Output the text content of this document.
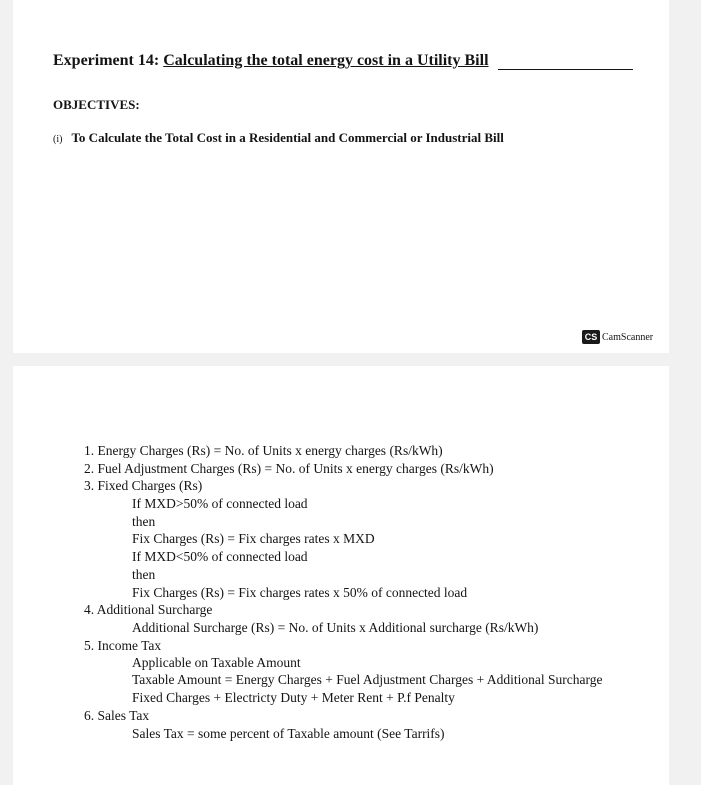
Experiment 14: Calculating the total energy cost in a Utility Bill
OBJECTIVES:
(i) To Calculate the Total Cost in a Residential and Commercial or Industrial Bill
CS CamScanner
1. Energy Charges (Rs) = No. of Units x energy charges (Rs/kWh)
2. Fuel Adjustment Charges (Rs) = No. of Units x energy charges (Rs/kWh)
3. Fixed Charges (Rs)
If MXD>50% of connected load
then
Fix Charges (Rs) = Fix charges rates x MXD
If MXD<50% of connected load
then
Fix Charges (Rs) = Fix charges rates x 50% of connected load
4. Additional Surcharge
Additional Surcharge (Rs) = No. of Units x Additional surcharge (Rs/kWh)
5. Income Tax
Applicable on Taxable Amount
Taxable Amount = Energy Charges + Fuel Adjustment Charges + Additional Surcharge
Fixed Charges + Electricty Duty + Meter Rent + P.f Penalty
6. Sales Tax
Sales Tax = some percent of Taxable amount (See Tarrifs)
